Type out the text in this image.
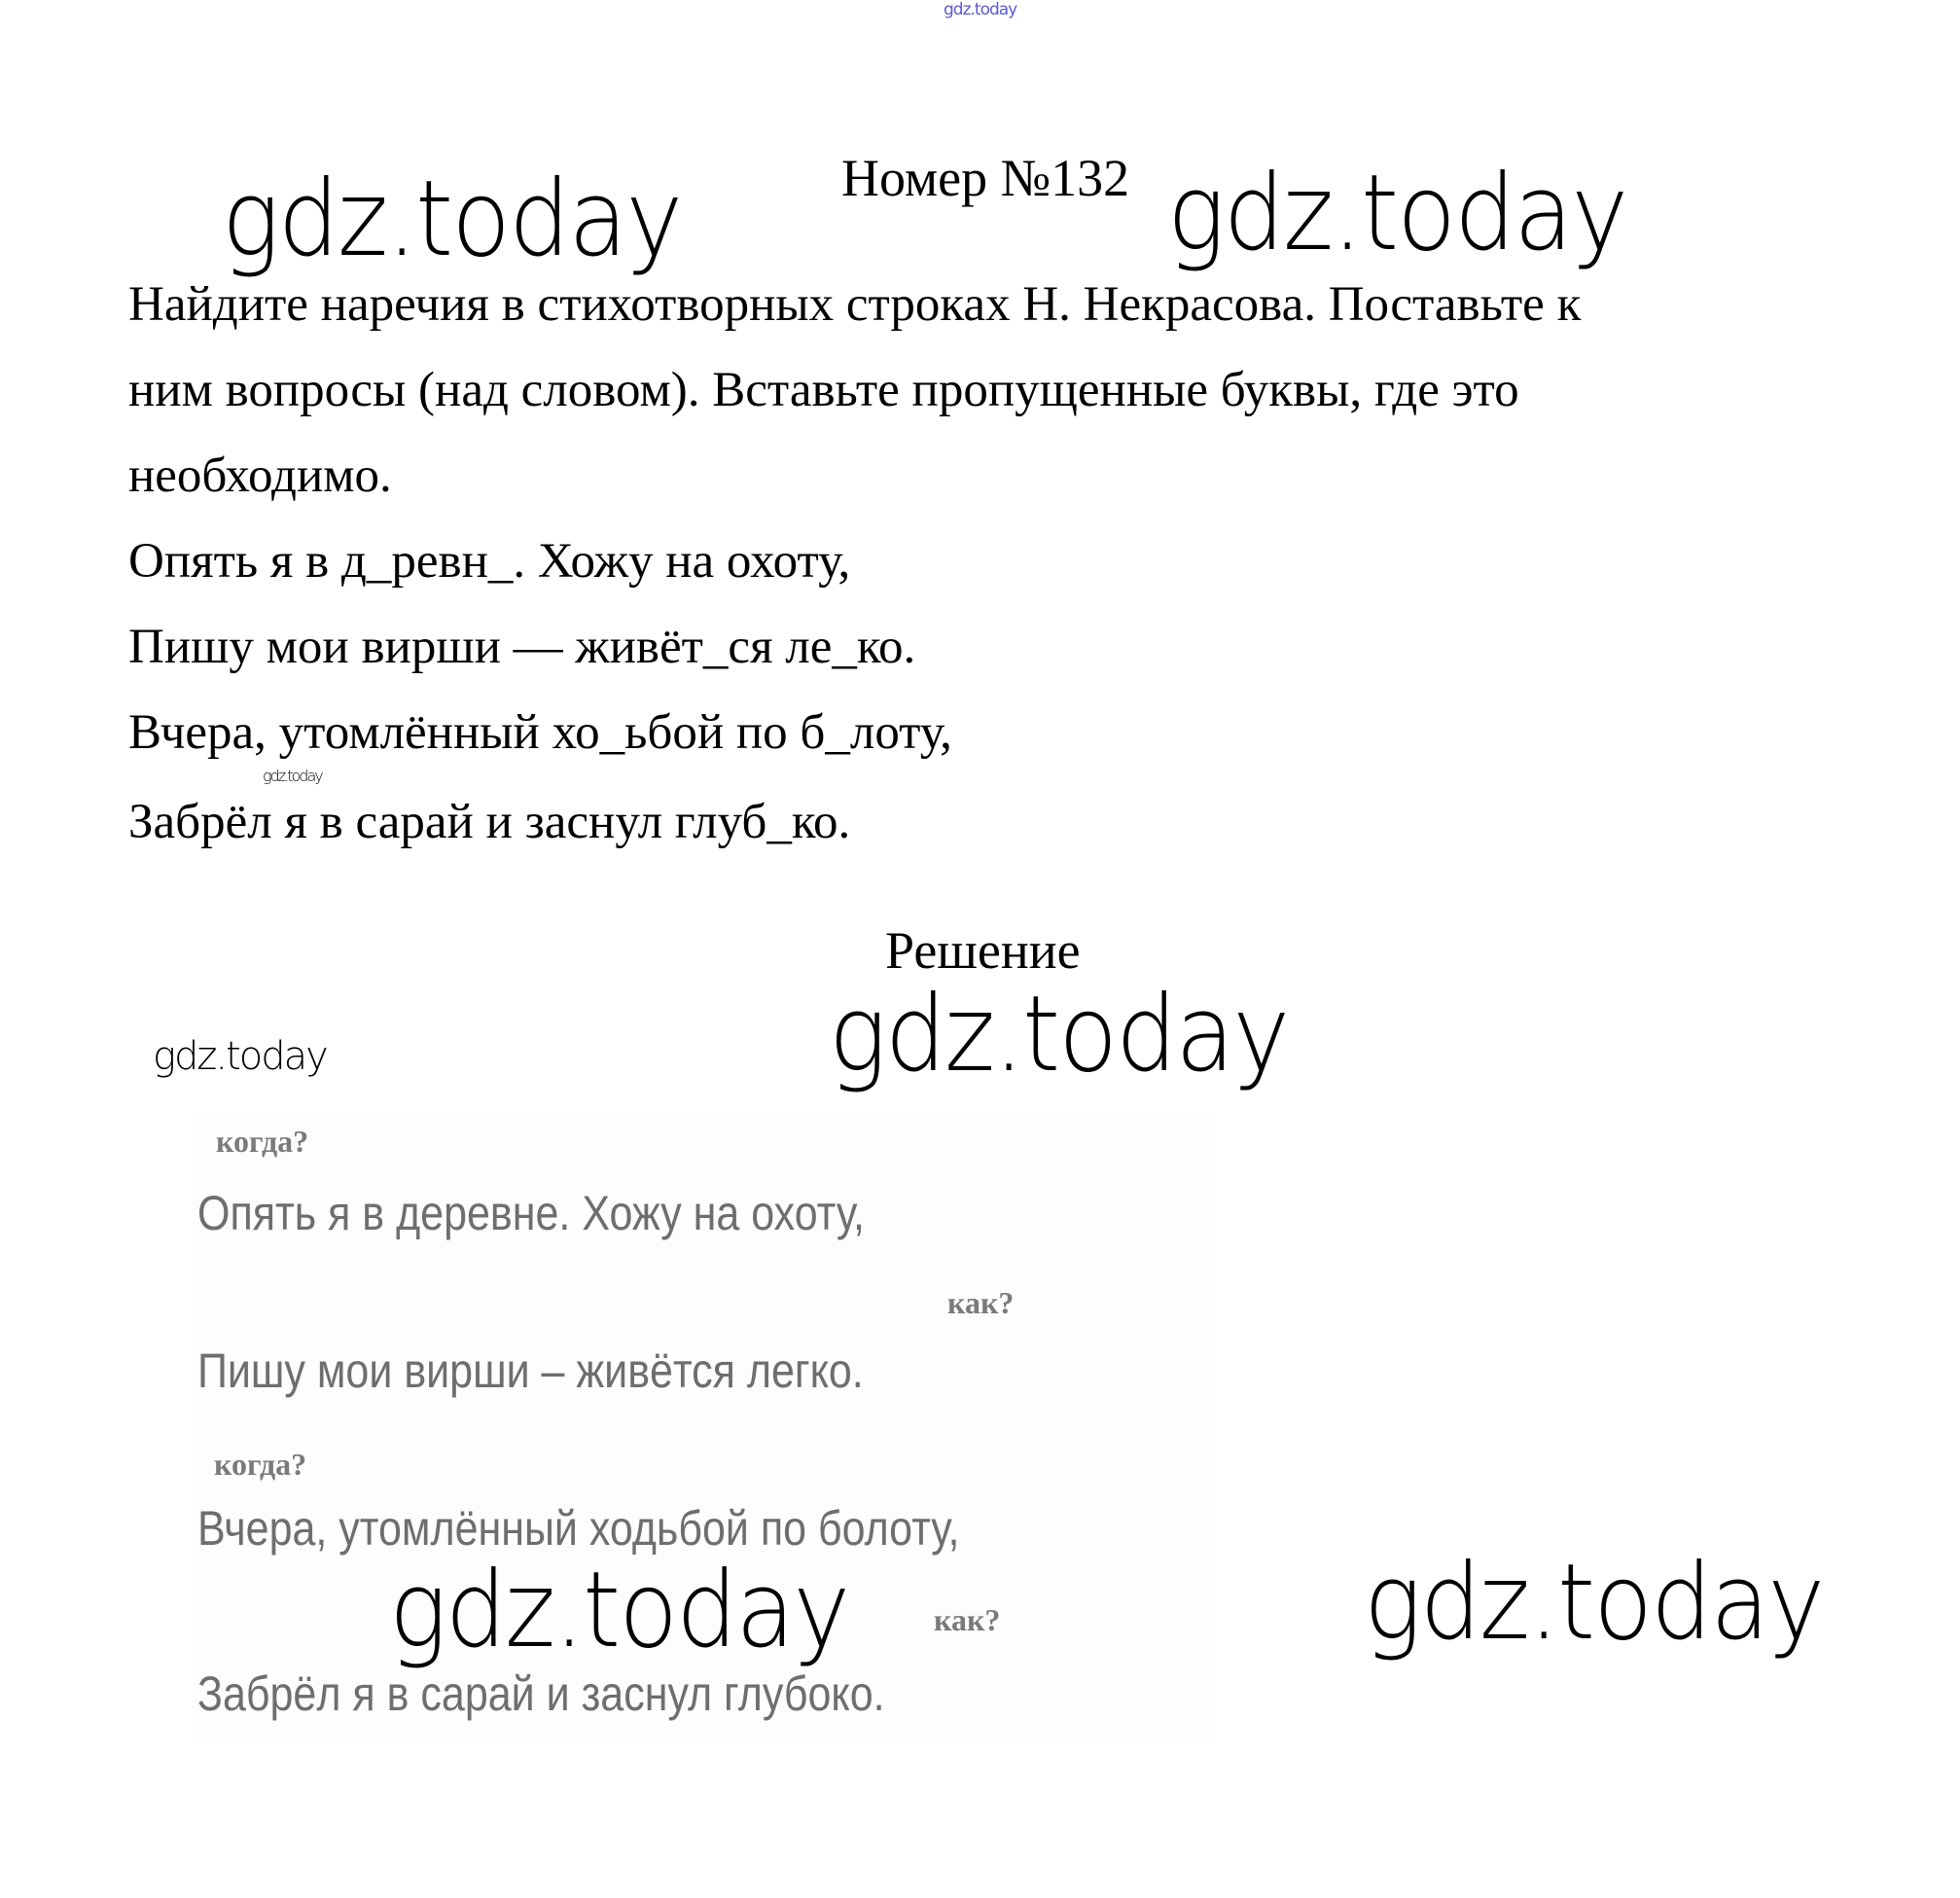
gdz.today
Номер №132
gdz.today	gdz.today
Найдите наречия в стихотворных строках Н. Некрасова. Поставьте к
ним вопросы (над словом). Вставьте пропущенные буквы, где это
необходимо.
Опять я в д_ревн_. Хожу на охоту,
Пишу мои вирши — живёт_ся ле_ко.
Вчера, утомлённый хо_ьбой по б_лоту,
Забрёл я в сарай и заснул глуб_ко.
gdz.today
Решение
gdz.today
gdz.today
когда?
Опять я в деревне. Хожу на охоту,
как?
Пишу мои вирши – живётся легко.
когда?
Вчера, утомлённый ходьбой по болоту,
как?
Забрёл я в сарай и заснул глубоко.
gdz.today	gdz.today
